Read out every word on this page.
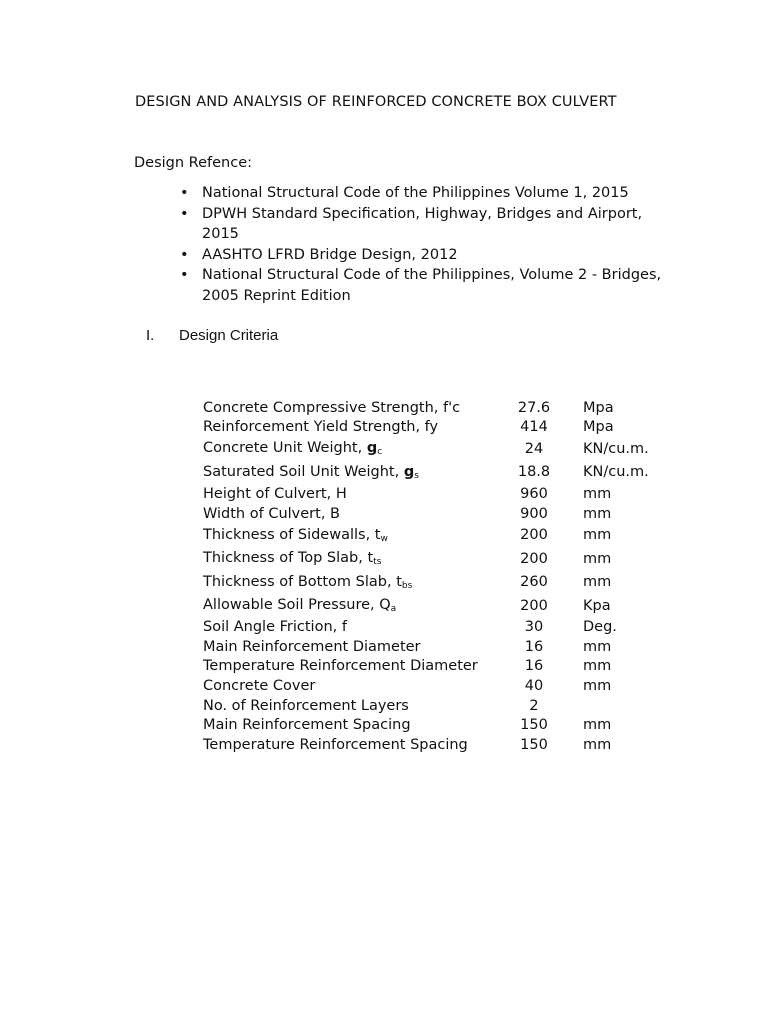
DESIGN AND ANALYSIS OF REINFORCED CONCRETE BOX CULVERT
Design Refence:
• National Structural Code of the Philippines Volume 1, 2015
• DPWH Standard Specification, Highway, Bridges and Airport, 2015
• AASHTO LFRD Bridge Design, 2012
• National Structural Code of the Philippines, Volume 2 - Bridges, 2005 Reprint Edition
I. Design Criteria
Concrete Compressive Strength, f'c	27.6	Mpa
Reinforcement Yield Strength, fy	414	Mpa
Concrete Unit Weight, $g_c$	24	KN/cu.m.
Saturated Soil Unit Weight, $g_s$	18.8	KN/cu.m.
Height of Culvert, H	960	mm
Width of Culvert, B	900	mm
Thickness of Sidewalls, $t_w$	200	mm
Thickness of Top Slab, $t_{ts}$	200	mm
Thickness of Bottom Slab, $t_{bs}$	260	mm
Allowable Soil Pressure, $Q_a$	200	Kpa
Soil Angle Friction, f	30	Deg.
Main Reinforcement Diameter	16	mm
Temperature Reinforcement Diameter	16	mm
Concrete Cover	40	mm
No. of Reinforcement Layers	2	
Main Reinforcement Spacing	150	mm
Temperature Reinforcement Spacing	150	mm
